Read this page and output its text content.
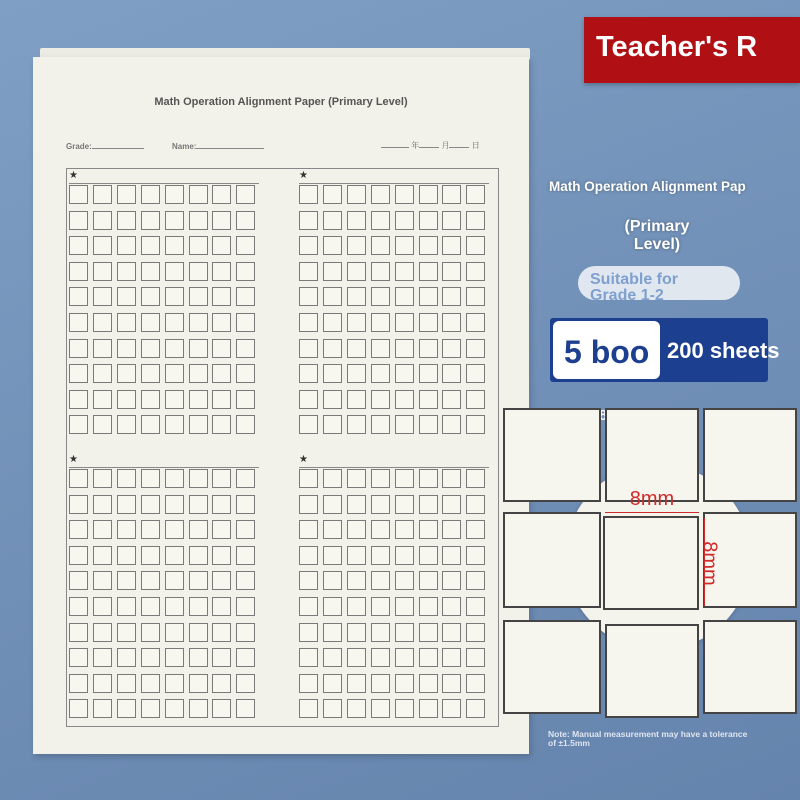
Math Operation Alignment Paper (Primary Level)
Grade:	Name:	年	月	日
★	★
★	★
Teacher's R
Math Operation Alignment Pap
(Primary Level)
Suitable for Grade 1-2
5 boo 200 sheets
8mm
8mm
Note: Manual measurement may have a tolerance of ±1.5mm
